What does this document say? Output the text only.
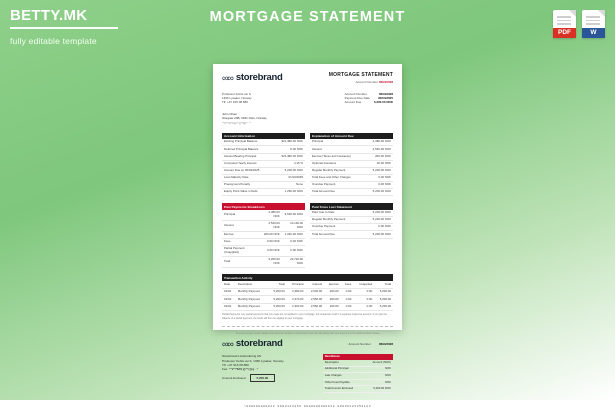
BETTY.MK
fully editable template
MORTGAGE STATEMENT
PDF	W
∞∞ storebrand	MORTGAGE STATEMENT
Account Number 0694/2328
Professor Kohts vei 9,
1366 Lysaker, Norway
Tlf: +47 915 08 880
Account Number	0694/2328
Payment Due Date	30/04/2025
Amount Due	5,200.00 NOK
John Olsen
Storgate 24B, 0181 Oslo, Norway
^*#*!*!$!*$@!!*@*$@*..^^
Account Information	
Existing Principal Balance	921,480.00 NOK
Deferred Principal Balance	0.00 NOK
Interest Bearing Principal	921,480.00 NOK
Computed Yearly Interest	4.15 %
Amount Due on 30/04/2025	5,200.00 NOK
Loan Maturity Date	01/10/2045
Prepayment Penalty	None
Equity Point Value in Debt	1,260.00 NOK
Explanation of Amount Due	
Principal	2,380.00 NOK
Interest	2,540.00 NOK
Escrow (Taxes and Insurance)	260.00 NOK
Optional Insurance	20.00 NOK
Regular Monthly Payment	5,200.00 NOK
Total Fees and Other Charges	0.00 NOK
Overdue Payment	0.00 NOK
Total Amount Due	5,200.00 NOK
Past Payments Breakdown		
Principal	2,380.00 NOK	9,520.00 NOK
Interest	2,540.00 NOK	10,160.00 NOK
Escrow	260.00 NOK	1,040.00 NOK
Fees	0.00 NOK	0.00 NOK
Partial Payment (Unapplied)	0.00 NOK	0.00 NOK
Total	5,200.00 NOK	20,720.00 NOK
Paid Since Last Statement	
Paid Year to Date	5,200.00 NOK
Regular Monthly Payment	5,200.00 NOK
Overdue Payment	0.00 NOK
Total Amount Due	5,200.00 NOK
Transaction Activity
Date	Description	Total	Principal	Interest	Escrow	Fees	Unapplied	Total
01/04	Monthly Payment	5,200.00	2,380.00	2,540.00	260.00	0.00	0.00	5,200.00
01/03	Monthly Payment	5,200.00	2,370.00	2,550.00	260.00	0.00	0.00	5,200.00
01/02	Monthly Payment	5,200.00	2,360.00	2,560.00	260.00	0.00	0.00	5,200.00
Partial Payments: Any partial payments that you make are not applied to your mortgage, but instead are held in a separate suspense account. If you pay the balance of a partial payment, the funds will then be applied to your mortgage.
To ensure proper credit, please write account number on check and return this slip along with your payment to the address shown below
∞∞ storebrand	Account Number	0694/2328
Storebrand Livsforsikring AS
Professor Kohts vei 9, 1366 Lysaker, Norway
Tlf: +47 915 08 880
Fax: ^^#*!*$#$ @**(@g...^
Amount Enclosed	5,200.00
Remittance
Description	Amount (NOK)
Additional Principal	NOK
Late Charges	NOK
Other Fees Payable	NOK
Total Amount Enclosed	5,200.00 NOK
^000000000012 0000123456 0000000000012 00006123456123
